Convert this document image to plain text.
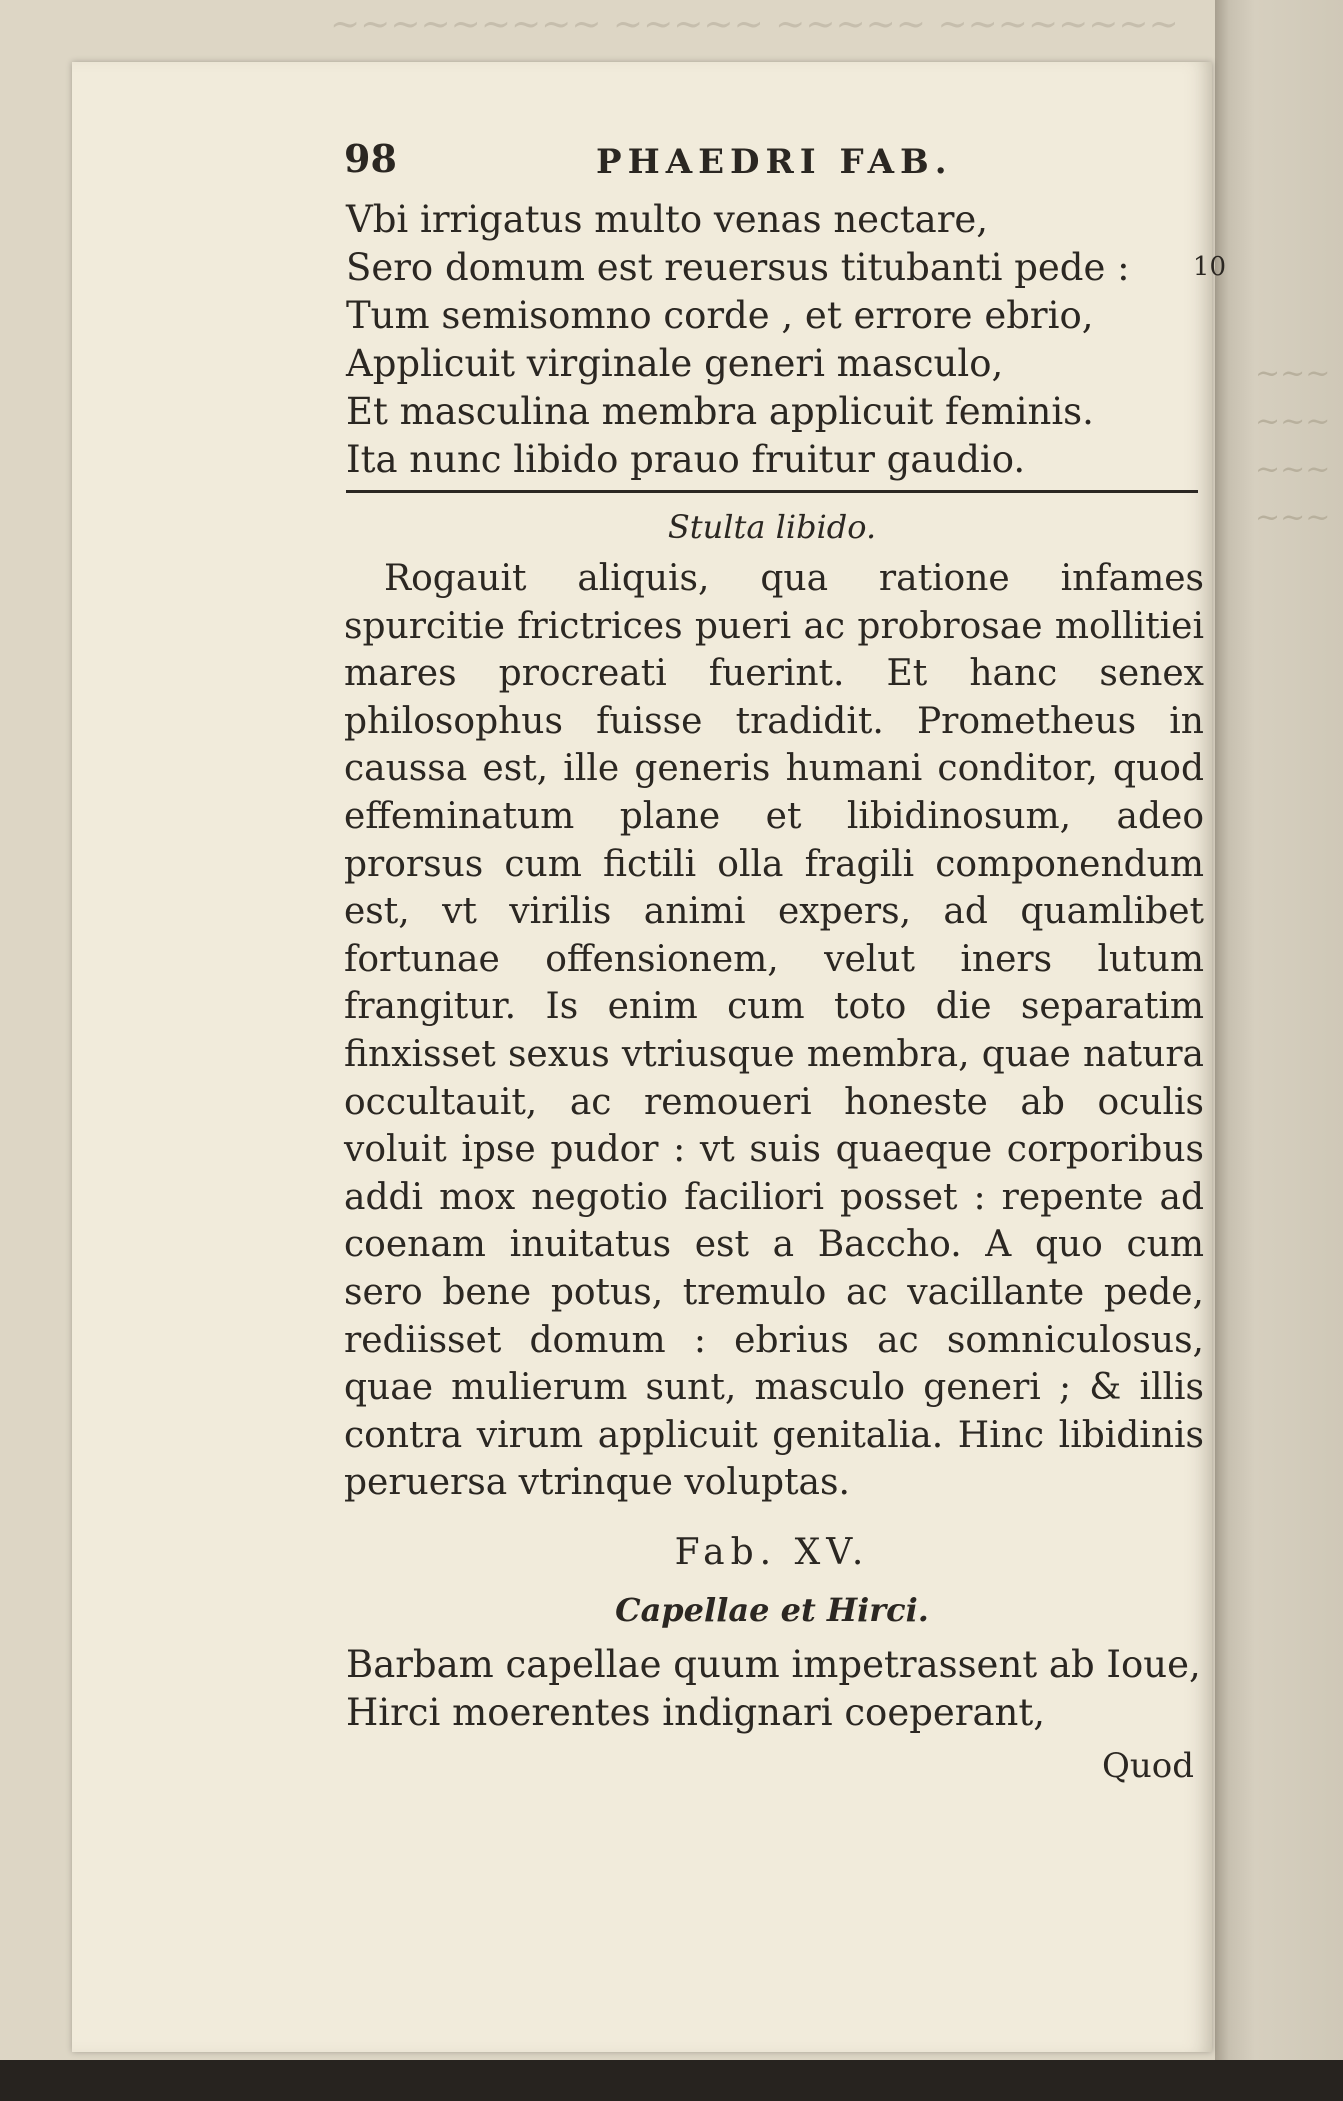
~~~~~~~~~ ~~~~~ ~~~~~ ~~~~~~~~

~~~
~~~
~~~
~~~
98	PHAEDRI FAB.
Vbi irrigatus multo venas nectare,
Sero domum est reuersus titubanti pede :
Tum semisomno corde , et errore ebrio,
Applicuit virginale generi masculo,
Et masculina membra applicuit feminis.
Ita nunc libido prauo fruitur gaudio.
10
Stulta libido.
Rogauit aliquis, qua ratione infames spurcitie frictrices pueri ac probrosae mollitiei mares procreati fuerint. Et hanc senex philosophus fuisse tradidit. Prometheus in caussa est, ille generis humani conditor, quod effeminatum plane et libidinosum, adeo prorsus cum fictili olla fragili componendum est, vt virilis animi expers, ad quamlibet fortunae offensionem, velut iners lutum frangitur. Is enim cum toto die separatim finxisset sexus vtriusque membra, quae natura occultauit, ac remoueri honeste ab oculis voluit ipse pudor : vt suis quaeque corporibus addi mox negotio faciliori posset : repente ad coenam inuitatus est a Baccho. A quo cum sero bene potus, tremulo ac vacillante pede, rediisset domum : ebrius ac somniculosus, quae mulierum sunt, masculo generi ; & illis contra virum applicuit genitalia. Hinc libidinis peruersa vtrinque voluptas.
Fab. XV.
Capellae et Hirci.
Barbam capellae quum impetrassent ab Ioue,
Hirci moerentes indignari coeperant,
Quod
